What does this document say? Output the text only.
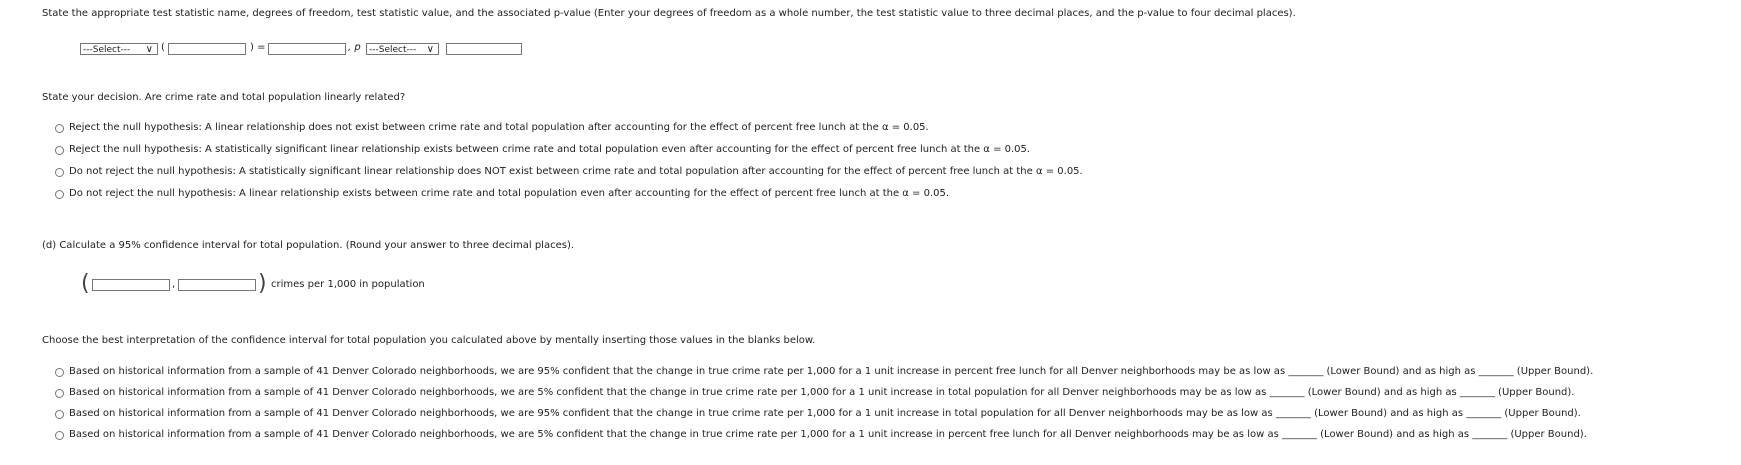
State the appropriate test statistic name, degrees of freedom, test statistic value, and the associated p-value (Enter your degrees of freedom as a whole number, the test statistic value to three decimal places, and the p-value to four decimal places).
---Select--- ∨ (	) =	, p ---Select--- ∨
State your decision. Are crime rate and total population linearly related?
Reject the null hypothesis: A linear relationship does not exist between crime rate and total population after accounting for the effect of percent free lunch at the α = 0.05.
Reject the null hypothesis: A statistically significant linear relationship exists between crime rate and total population even after accounting for the effect of percent free lunch at the α = 0.05.
Do not reject the null hypothesis: A statistically significant linear relationship does NOT exist between crime rate and total population after accounting for the effect of percent free lunch at the α = 0.05.
Do not reject the null hypothesis: A linear relationship exists between crime rate and total population even after accounting for the effect of percent free lunch at the α = 0.05.
(d) Calculate a 95% confidence interval for total population. (Round your answer to three decimal places).
(	,	) crimes per 1,000 in population
Choose the best interpretation of the confidence interval for total population you calculated above by mentally inserting those values in the blanks below.
Based on historical information from a sample of 41 Denver Colorado neighborhoods, we are 95% confident that the change in true crime rate per 1,000 for a 1 unit increase in percent free lunch for all Denver neighborhoods may be as low as _______ (Lower Bound) and as high as _______ (Upper Bound).
Based on historical information from a sample of 41 Denver Colorado neighborhoods, we are 5% confident that the change in true crime rate per 1,000 for a 1 unit increase in total population for all Denver neighborhoods may be as low as _______ (Lower Bound) and as high as _______ (Upper Bound).
Based on historical information from a sample of 41 Denver Colorado neighborhoods, we are 95% confident that the change in true crime rate per 1,000 for a 1 unit increase in total population for all Denver neighborhoods may be as low as _______ (Lower Bound) and as high as _______ (Upper Bound).
Based on historical information from a sample of 41 Denver Colorado neighborhoods, we are 5% confident that the change in true crime rate per 1,000 for a 1 unit increase in percent free lunch for all Denver neighborhoods may be as low as _______ (Lower Bound) and as high as _______ (Upper Bound).
